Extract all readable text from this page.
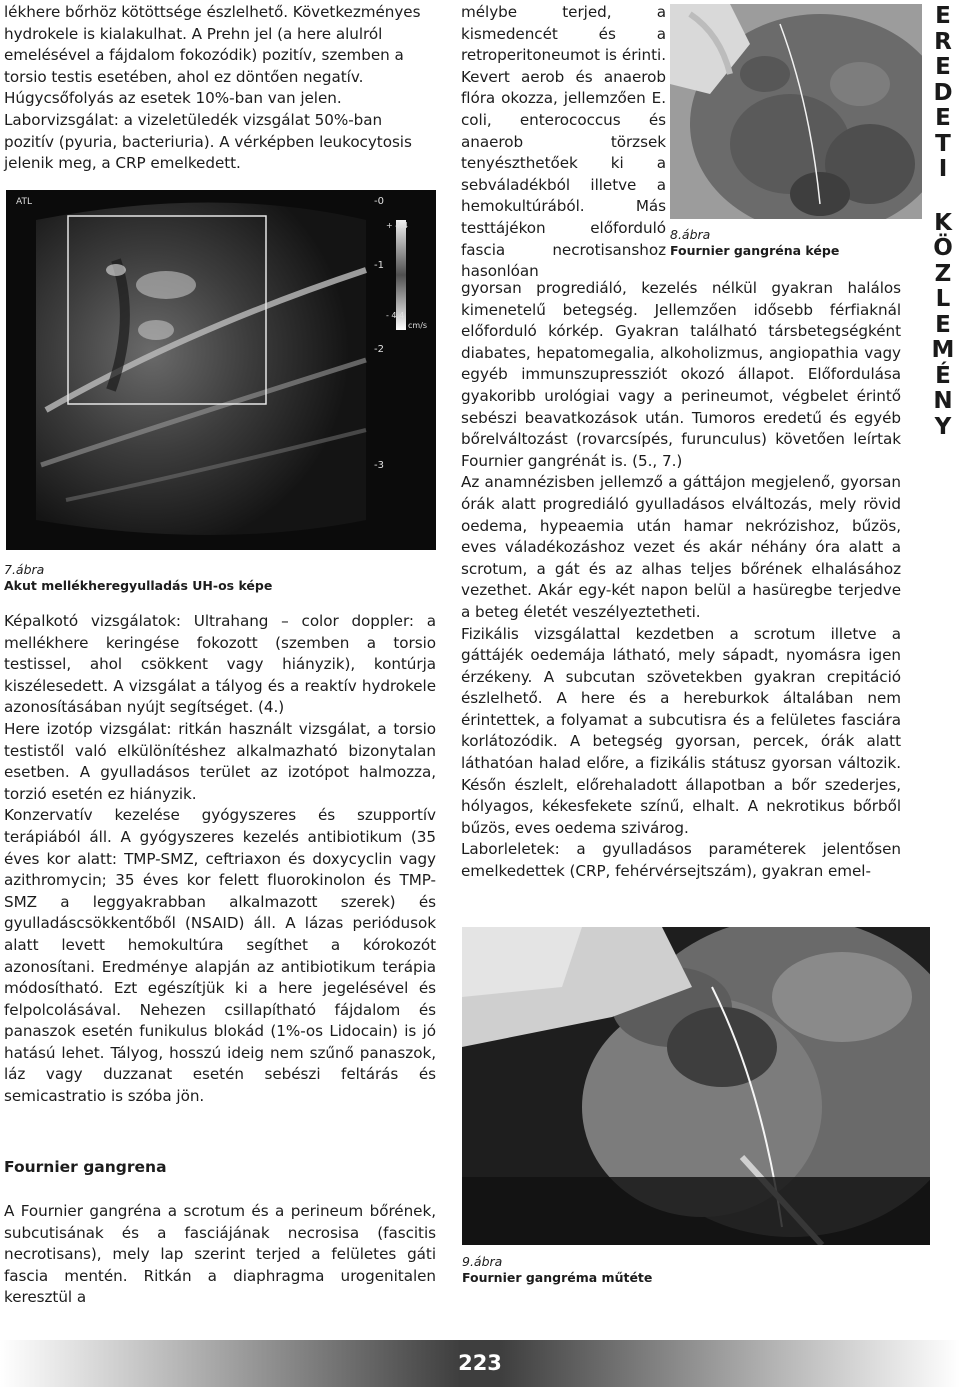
lékhere bőrhöz kötöttsége észlelhető. Következményes hydrokele is kialakulhat. A Prehn jel (a here alulról emelésével a fájdalom fokozódik) pozitív, szemben a torsio testis esetében, ahol ez döntően negatív. Húgycsőfolyás az esetek 10%-ban van jelen.

Laborvizsgálat: a vizeletüledék vizsgálat 50%-ban pozitív (pyuria, bacteriuria). A vérképben leukocytosis jelenik meg, a CRP emelkedett.

ATL
+ 4.4
- 4.4
cm/s
-0
-1
-2
-3
7.ábra
Akut mellékheregyulladás UH-os képe

Képalkotó vizsgálatok: Ultrahang – color doppler: a mellékhere keringése fokozott (szemben a torsio testissel, ahol csökkent vagy hiányzik), kontúrja kiszélesedett. A vizsgálat a tályog és a reaktív hydrokele azonosításában nyújt segítséget. (4.)

Here izotóp vizsgálat: ritkán használt vizsgálat, a torsio testistől való elkülönítéshez alkalmazható bizonytalan esetben. A gyulladásos terület az izotópot halmozza, torzió esetén ez hiányzik.

Konzervatív kezelése gyógyszeres és szupportív terápiából áll. A gyógyszeres kezelés antibiotikum (35 éves kor alatt: TMP-SMZ, ceftriaxon és doxycyclin vagy azithromycin; 35 éves kor felett fluorokinolon és TMP-SMZ a leggyakrabban alkalmazott szerek) és gyulladáscsökkentőből (NSAID) áll. A lázas periódusok alatt levett hemokultúra segíthet a kórokozót azonosítani. Eredménye alapján az antibiotikum terápia módosítható. Ezt egészítjük ki a here jegelésével és felpolcolásával. Nehezen csillapítható fájdalom és panaszok esetén funikulus blokád (1%-os Lidocain) is jó hatású lehet. Tályog, hosszú ideig nem szűnő panaszok, láz vagy duzzanat esetén sebészi feltárás és semicastratio is szóba jön.

Fournier gangrena

A Fournier gangréna a scrotum és a perineum bőrének, subcutisának és a fasciájának necrosisa (fascitis necrotisans), mely lap szerint terjed a felületes gáti fascia mentén. Ritkán a diaphragma urogenitalen keresztül a

mélybe terjed, a kismedencét és a retroperitoneumot is érinti. Kevert aerob és anaerob flóra okozza, jellemzően E. coli, enterococcus és anaerob törzsek tenyészthetőek ki a sebváladékból illetve a hemokultúrából. Más testtájékon előforduló fascia necrotisanshoz hasonlóan

8.ábra
Fournier gangréna képe

gyorsan progrediáló, kezelés nélkül gyakran halálos kimenetelű betegség. Jellemzően idősebb férfiaknál előforduló kórkép. Gyakran található társbetegségként diabates, hepatomegalia, alkoholizmus, angiopathia vagy egyéb immunszupressziót okozó állapot. Előfordulása gyakoribb urológiai vagy a perineumot, végbelet érintő sebészi beavatkozások után. Tumoros eredetű és egyéb bőrelváltozást (rovarcsípés, furunculus) követően leírtak Fournier gangrénát is. (5., 7.)

Az anamnézisben jellemző a gáttájon megjelenő, gyorsan órák alatt progrediáló gyulladásos elváltozás, mely rövid oedema, hypeaemia után hamar nekrózishoz, bűzös, eves váladékozáshoz vezet és akár néhány óra alatt a scrotum, a gát és az alhas teljes bőrének elhalásához vezethet. Akár egy-két napon belül a hasüregbe terjedve a beteg életét veszélyeztetheti.

Fizikális vizsgálattal kezdetben a scrotum illetve a gáttájék oedemája látható, mely sápadt, nyomásra igen érzékeny. A subcutan szövetekben gyakran crepitáció észlelhető. A here és a hereburkok általában nem érintettek, a folyamat a subcutisra és a felületes fasciára korlátozódik. A betegség gyorsan, percek, órák alatt láthatóan halad előre, a fizikális státusz gyorsan változik. Későn észlelt, előrehaladott állapotban a bőr szederjes, hólyagos, kékesfekete színű, elhalt. A nekrotikus bőrből bűzös, eves oedema szivárog.

Laborleletek: a gyulladásos paraméterek jelentősen emelkedettek (CRP, fehérvérsejtszám), gyakran emel-

9.ábra
Fournier gangréma műtéte
E
R
E
D
E
T
I
K
Ö
Z
L
E
M
É
N
Y
223
